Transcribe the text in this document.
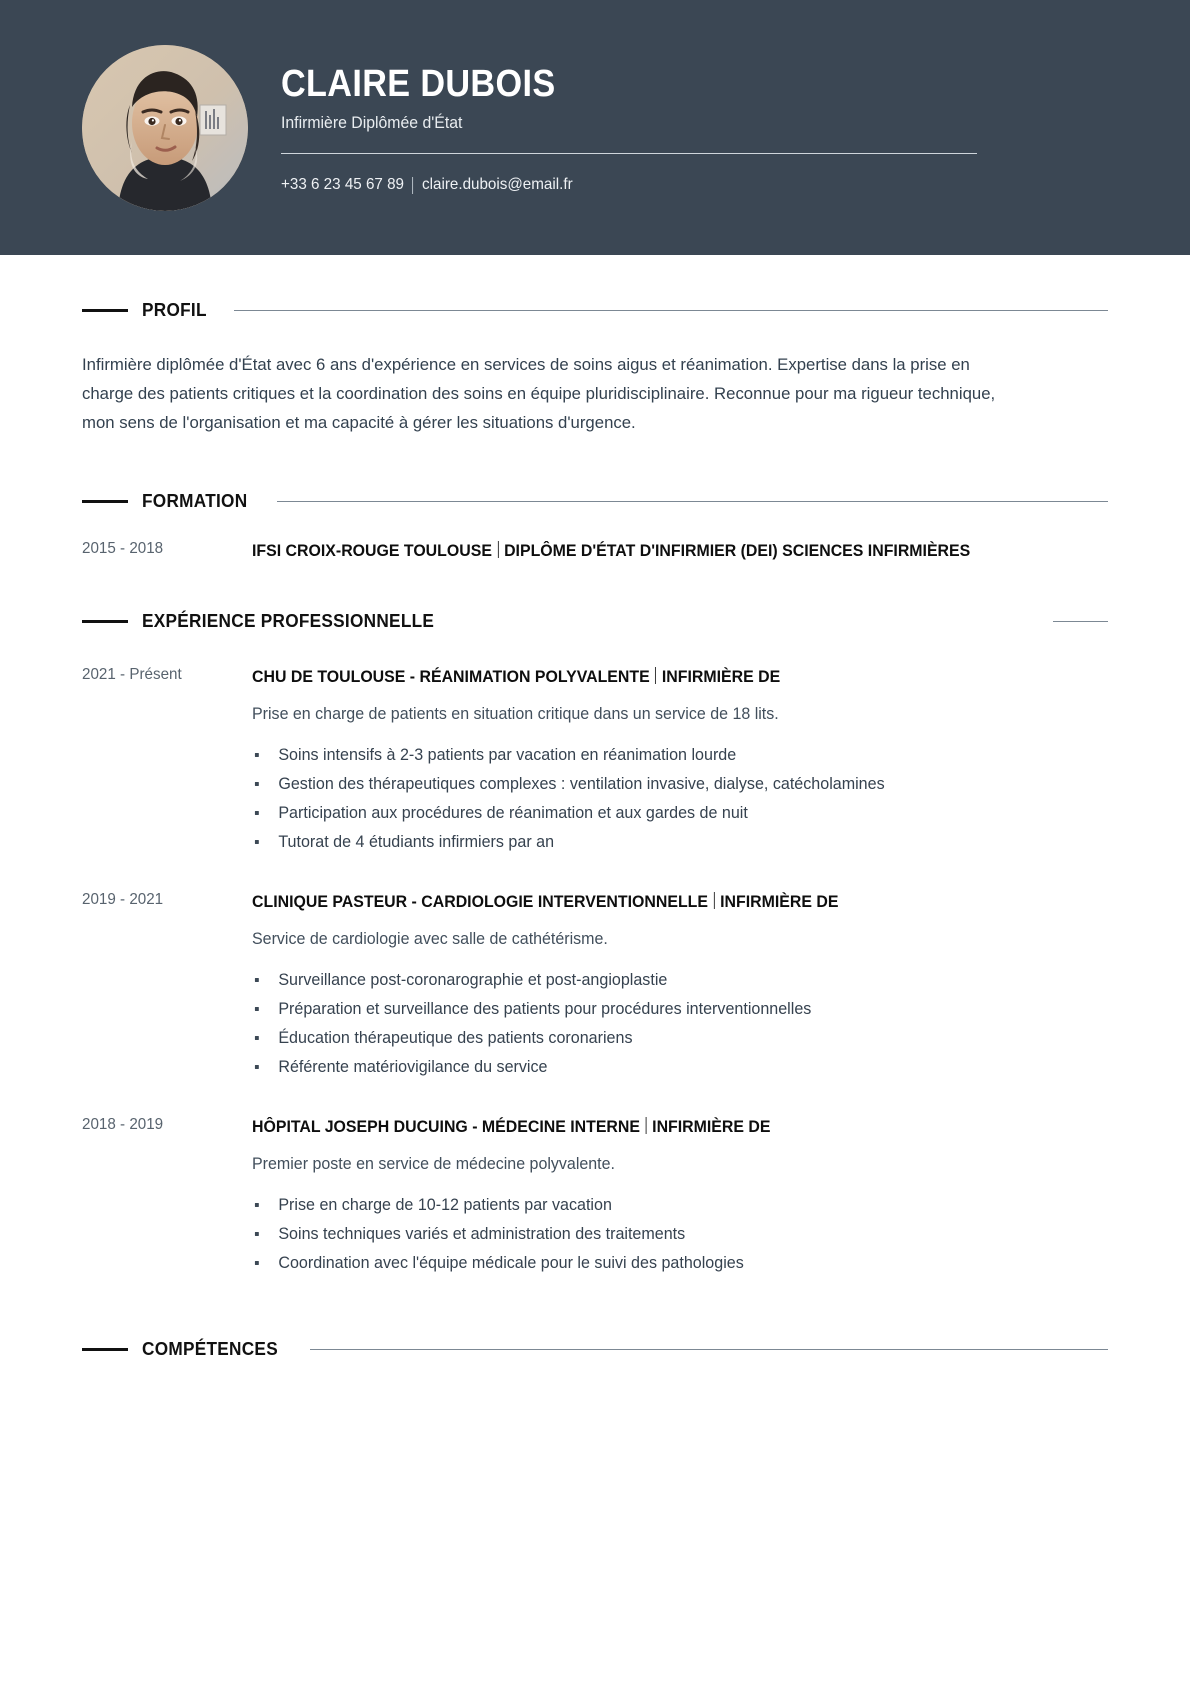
CLAIRE DUBOIS
Infirmière Diplômée d'État
+33 6 23 45 67 89 claire.dubois@email.fr
PROFIL

Infirmière diplômée d'État avec 6 ans d'expérience en services de soins aigus et réanimation. Expertise dans la prise en charge des patients critiques et la coordination des soins en équipe pluridisciplinaire. Reconnue pour ma rigueur technique, mon sens de l'organisation et ma capacité à gérer les situations d'urgence.

FORMATION
2015 - 2018	IFSI CROIX-ROUGE TOULOUSE DIPLÔME D'ÉTAT D'INFIRMIER (DEI) SCIENCES INFIRMIÈRES
EXPÉRIENCE PROFESSIONNELLE
2021 - Présent	CHU DE TOULOUSE - RÉANIMATION POLYVALENTE INFIRMIÈRE DE
Prise en charge de patients en situation critique dans un service de 18 lits.
Soins intensifs à 2-3 patients par vacation en réanimation lourde
Gestion des thérapeutiques complexes : ventilation invasive, dialyse, catécholamines
Participation aux procédures de réanimation et aux gardes de nuit
Tutorat de 4 étudiants infirmiers par an
2019 - 2021	CLINIQUE PASTEUR - CARDIOLOGIE INTERVENTIONNELLE INFIRMIÈRE DE
Service de cardiologie avec salle de cathétérisme.
Surveillance post-coronarographie et post-angioplastie
Préparation et surveillance des patients pour procédures interventionnelles
Éducation thérapeutique des patients coronariens
Référente matériovigilance du service
2018 - 2019	HÔPITAL JOSEPH DUCUING - MÉDECINE INTERNE INFIRMIÈRE DE
Premier poste en service de médecine polyvalente.
Prise en charge de 10-12 patients par vacation
Soins techniques variés et administration des traitements
Coordination avec l'équipe médicale pour le suivi des pathologies
COMPÉTENCES
